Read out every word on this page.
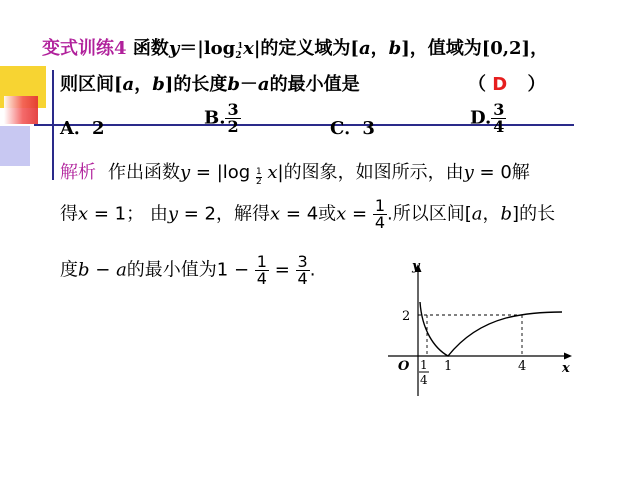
变式训练4 函数$y=|\log_2^1x|$的定义域为[a，b]，值域为[0,2]，
则区间[a，b]的长度b－a的最小值是	（ D ）
A．2	B. $\frac{3}{2}$	C．3	D. $\frac{3}{4}$
解析 作出函数$y = |\log \frac{1}{2} x|$的图象，如图所示，由y = 0解
得x = 1； 由y = 2，解得x = 4或$x = \frac{1}{4}$ .所以区间[a，b]的长
度b − a的最小值为$1 - \frac{1}{4} = \frac{3}{4}$ .	y
x
O
2
1
4
1	4
